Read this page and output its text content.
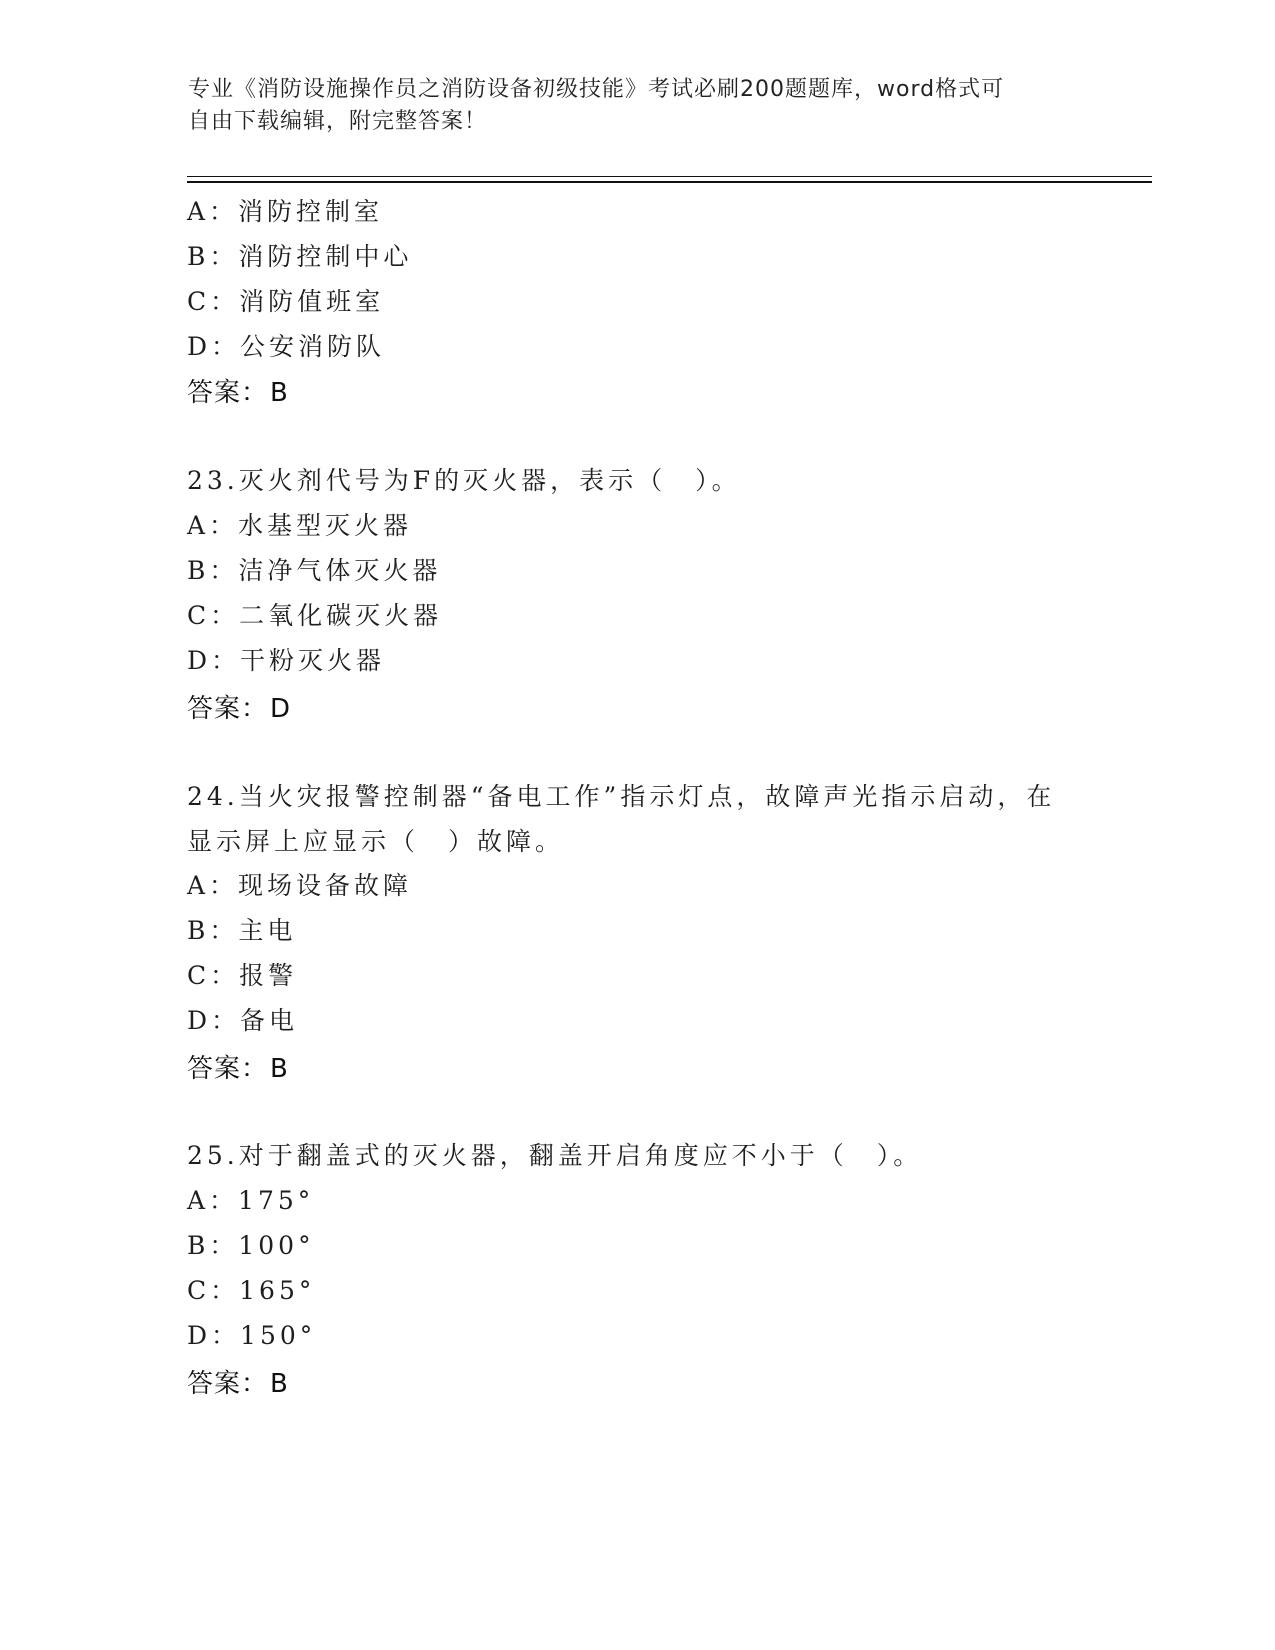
专业《消防设施操作员之消防设备初级技能》考试必刷200题题库，word格式可
自由下载编辑，附完整答案！
A：消防控制室
B：消防控制中心
C：消防值班室
D：公安消防队
答案：B
23.灭火剂代号为F的灭火器，表示（　）。
A：水基型灭火器
B：洁净气体灭火器
C：二氧化碳灭火器
D：干粉灭火器
答案：D
24.当火灾报警控制器“备电工作”指示灯点，故障声光指示启动，在
显示屏上应显示（　）故障。
A：现场设备故障
B：主电
C：报警
D：备电
答案：B
25.对于翻盖式的灭火器，翻盖开启角度应不小于（　）。
A：175°
B：100°
C：165°
D：150°
答案：B
